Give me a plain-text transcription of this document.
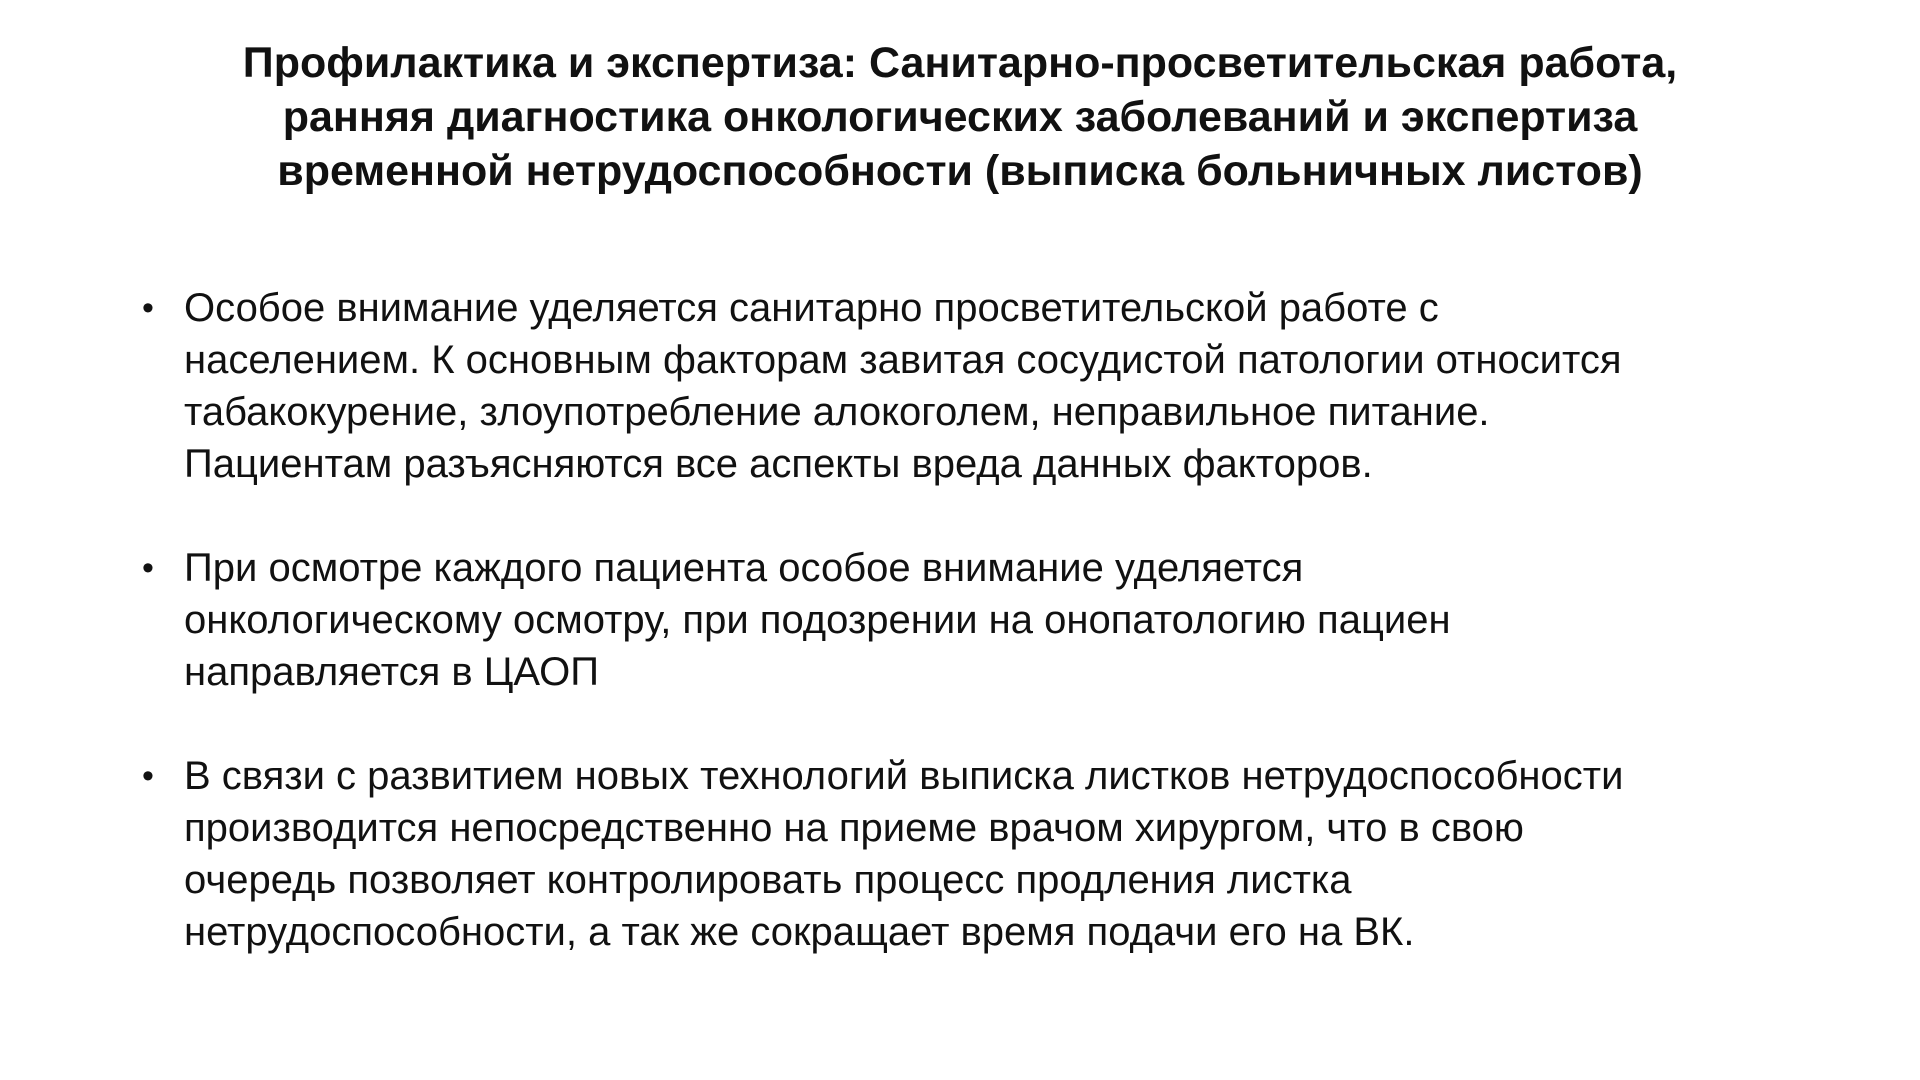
Профилактика и экспертиза: Санитарно-просветительская работа,
ранняя диагностика онкологических заболеваний и экспертиза
временной нетрудоспособности (выписка больничных листов)
• Особое внимание уделяется санитарно просветительской работе с
населением. К основным факторам завитая сосудистой патологии относится
табакокурение, злоупотребление алокоголем, неправильное питание.
Пациентам разъясняются все аспекты вреда данных факторов.
• При осмотре каждого пациента особое внимание уделяется
онкологическому осмотру, при подозрении на онопатологию пациен
направляется в ЦАОП
• В связи с развитием новых технологий выписка листков нетрудоспособности
производится непосредственно на приеме врачом хирургом, что в свою
очередь позволяет контролировать процесс продления листка
нетрудоспособности, а так же сокращает время подачи его на ВК.
